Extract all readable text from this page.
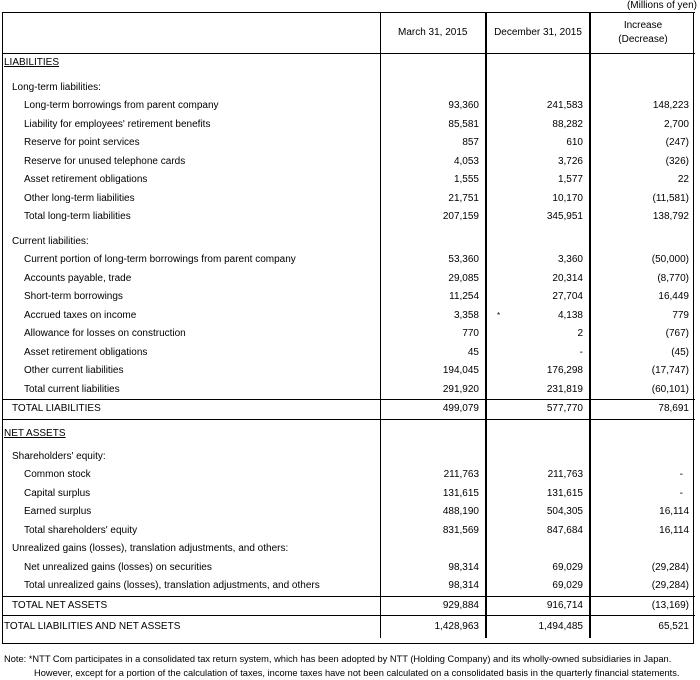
(Millions of yen)
	March 31, 2015	December 31, 2015	Increase
(Decrease)
LIABILITIES			

Long-term liabilities:			
Long-term borrowings from parent company	93,360	241,583	148,223
Liability for employees' retirement benefits	85,581	88,282	2,700
Reserve for point services	857	610	(247)
Reserve for unused telephone cards	4,053	3,726	(326)
Asset retirement obligations	1,555	1,577	22
Other long-term liabilities	21,751	10,170	(11,581)
Total long-term liabilities	207,159	345,951	138,792

Current liabilities:			
Current portion of long-term borrowings from parent company	53,360	3,360	(50,000)
Accounts payable, trade	29,085	20,314	(8,770)
Short-term borrowings	11,254	27,704	16,449
Accrued taxes on income	3,358	* 4,138	779
Allowance for losses on construction	770	2	(767)
Asset retirement obligations	45	-	(45)
Other current liabilities	194,045	176,298	(17,747)
Total current liabilities	291,920	231,819	(60,101)
TOTAL LIABILITIES	499,079	577,770	78,691
NET ASSETS			
Shareholders' equity:			
Common stock	211,763	211,763	-
Capital surplus	131,615	131,615	-
Earned surplus	488,190	504,305	16,114
Total shareholders' equity	831,569	847,684	16,114
Unrealized gains (losses), translation adjustments, and others:			
Net unrealized gains (losses) on securities	98,314	69,029	(29,284)
Total unrealized gains (losses), translation adjustments, and others	98,314	69,029	(29,284)
TOTAL NET ASSETS	929,884	916,714	(13,169)
TOTAL LIABILITIES AND NET ASSETS	1,428,963	1,494,485	65,521
Note: *NTT Com participates in a consolidated tax return system, which has been adopted by NTT (Holding Company) and its wholly-owned subsidiaries in Japan.
However, except for a portion of the calculation of taxes, income taxes have not been calculated on a consolidated basis in the quarterly financial statements.
